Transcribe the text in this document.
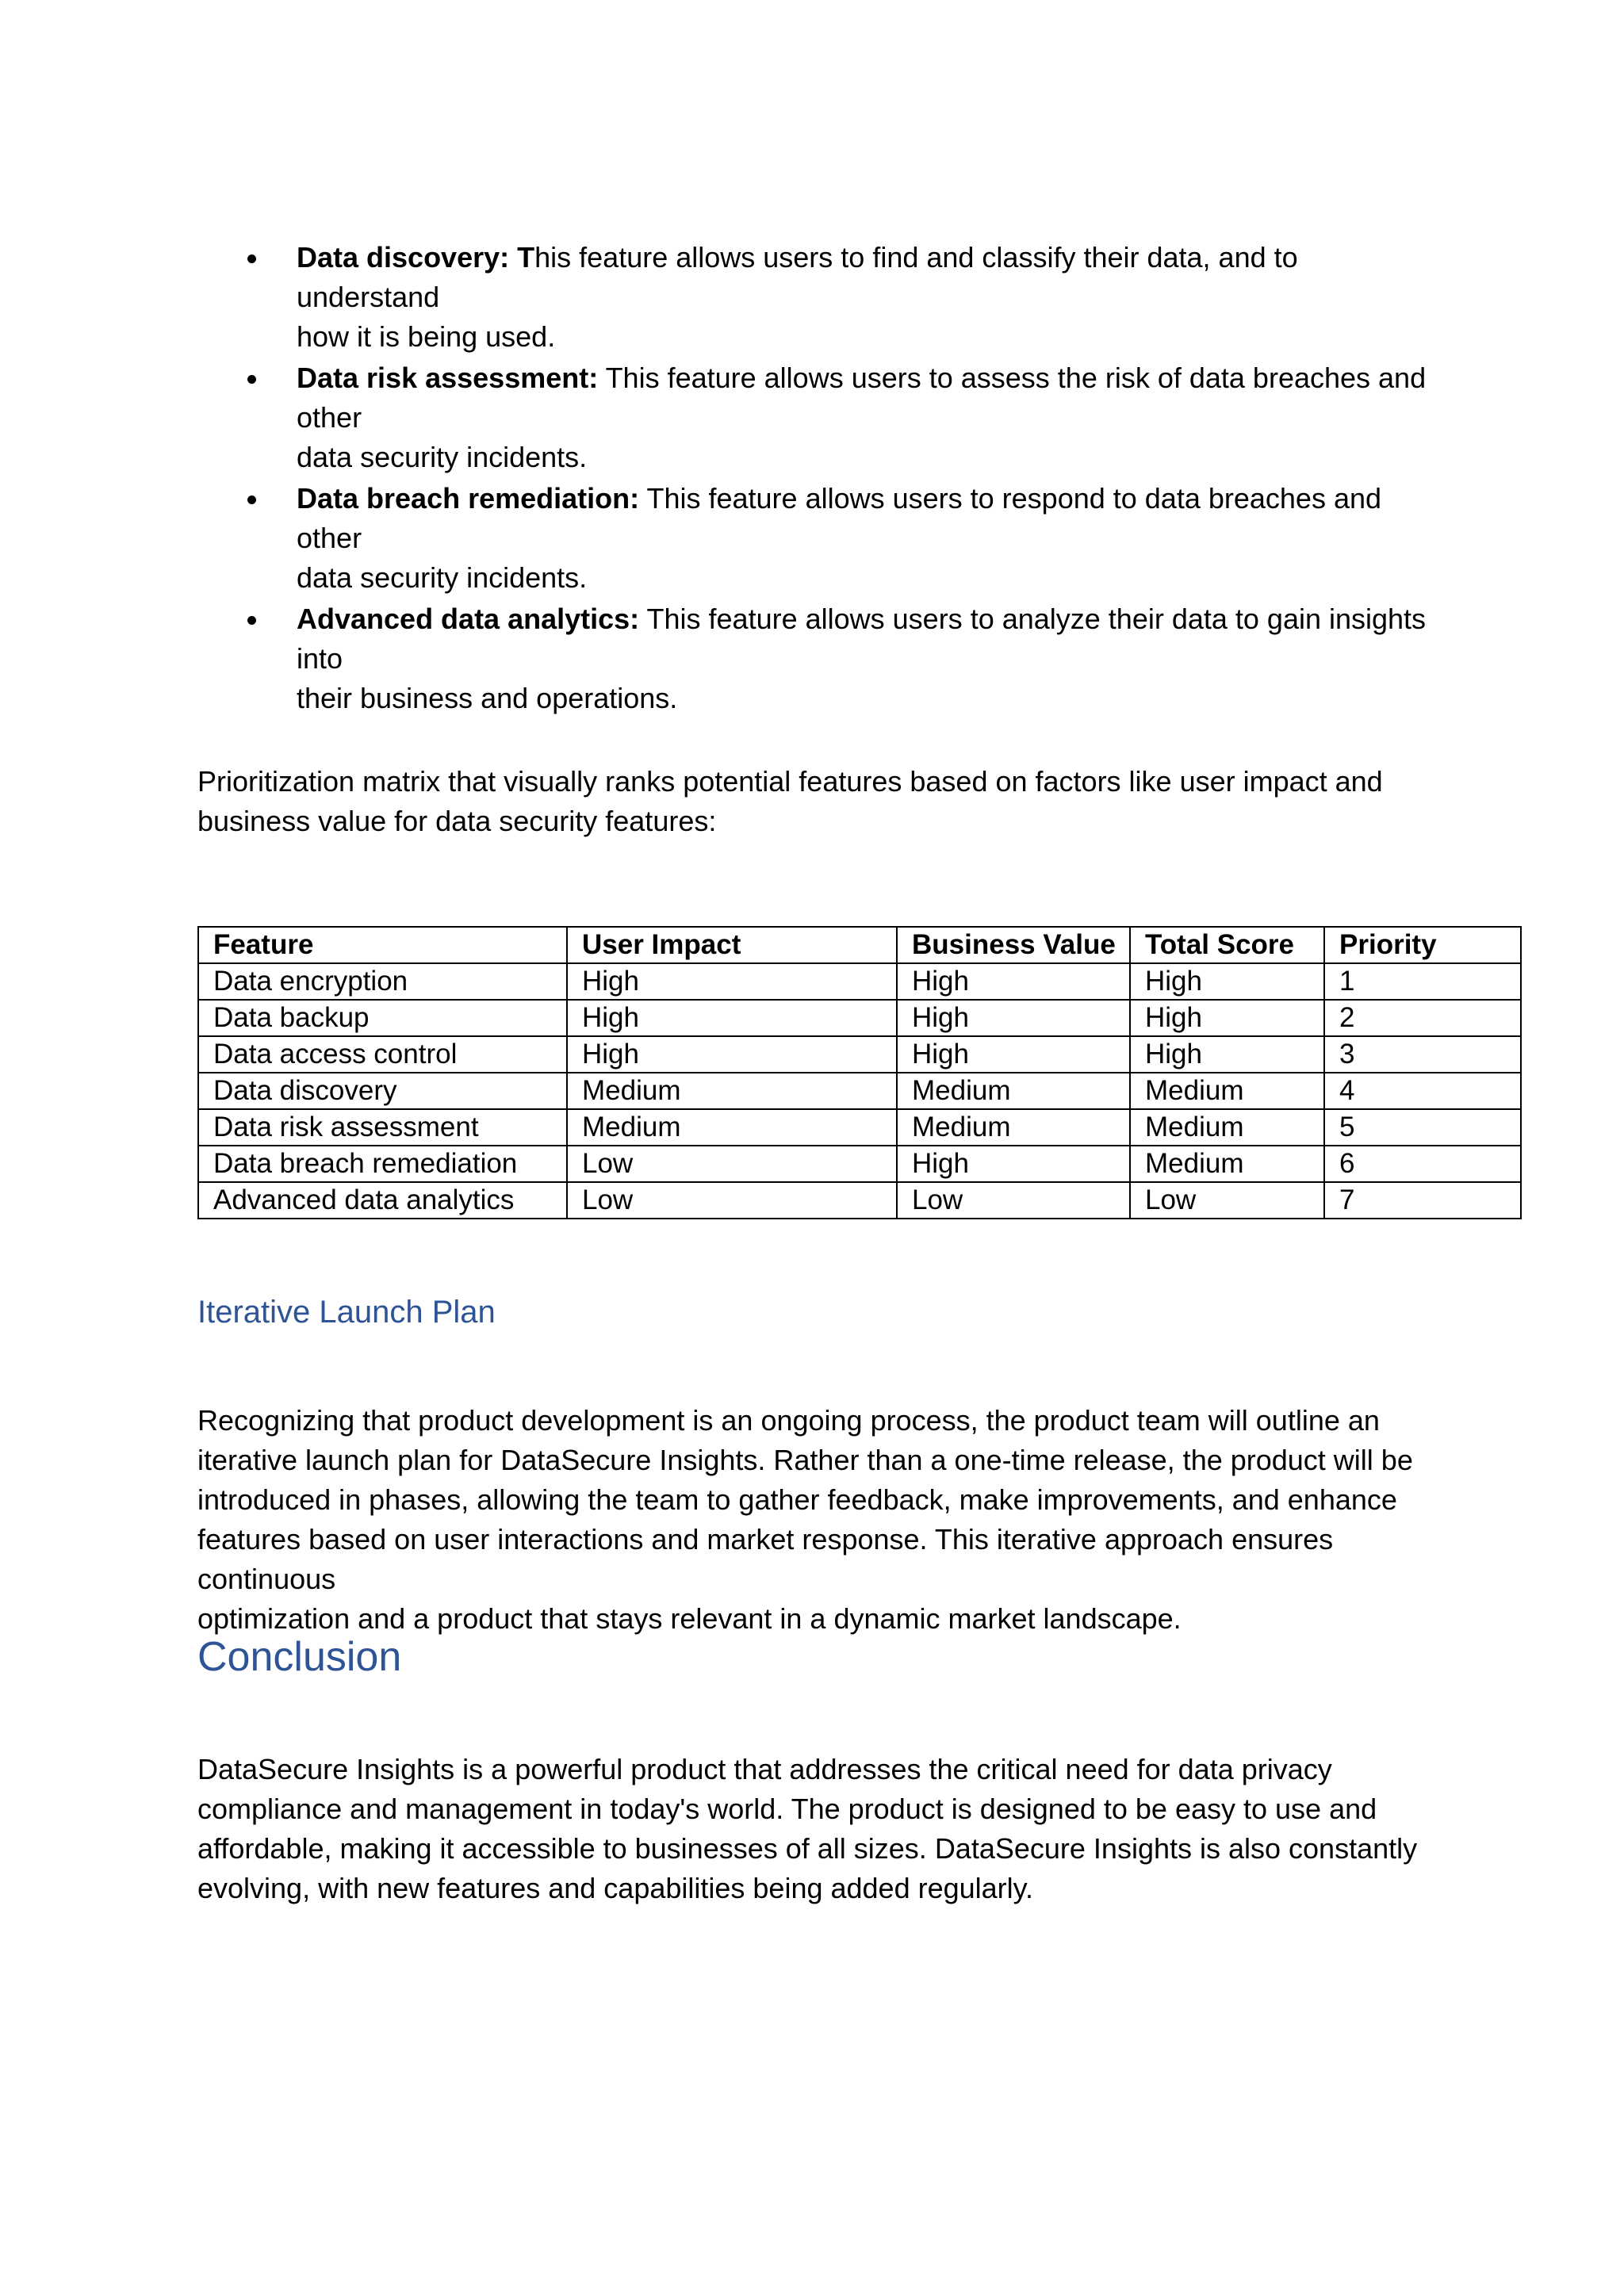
Data discovery: This feature allows users to find and classify their data, and to understand
how it is being used.
Data risk assessment: This feature allows users to assess the risk of data breaches and other
data security incidents.
Data breach remediation: This feature allows users to respond to data breaches and other
data security incidents.
Advanced data analytics: This feature allows users to analyze their data to gain insights into
their business and operations.

Prioritization matrix that visually ranks potential features based on factors like user impact and
business value for data security features:

Feature	User Impact	Business Value	Total Score	Priority
Data encryption	High	High	High	1
Data backup	High	High	High	2
Data access control	High	High	High	3
Data discovery	Medium	Medium	Medium	4
Data risk assessment	Medium	Medium	Medium	5
Data breach remediation	Low	High	Medium	6
Advanced data analytics	Low	Low	Low	7
Iterative Launch Plan

Recognizing that product development is an ongoing process, the product team will outline an
iterative launch plan for DataSecure Insights. Rather than a one-time release, the product will be
introduced in phases, allowing the team to gather feedback, make improvements, and enhance
features based on user interactions and market response. This iterative approach ensures continuous
optimization and a product that stays relevant in a dynamic market landscape.

Conclusion

DataSecure Insights is a powerful product that addresses the critical need for data privacy
compliance and management in today's world. The product is designed to be easy to use and
affordable, making it accessible to businesses of all sizes. DataSecure Insights is also constantly
evolving, with new features and capabilities being added regularly.
